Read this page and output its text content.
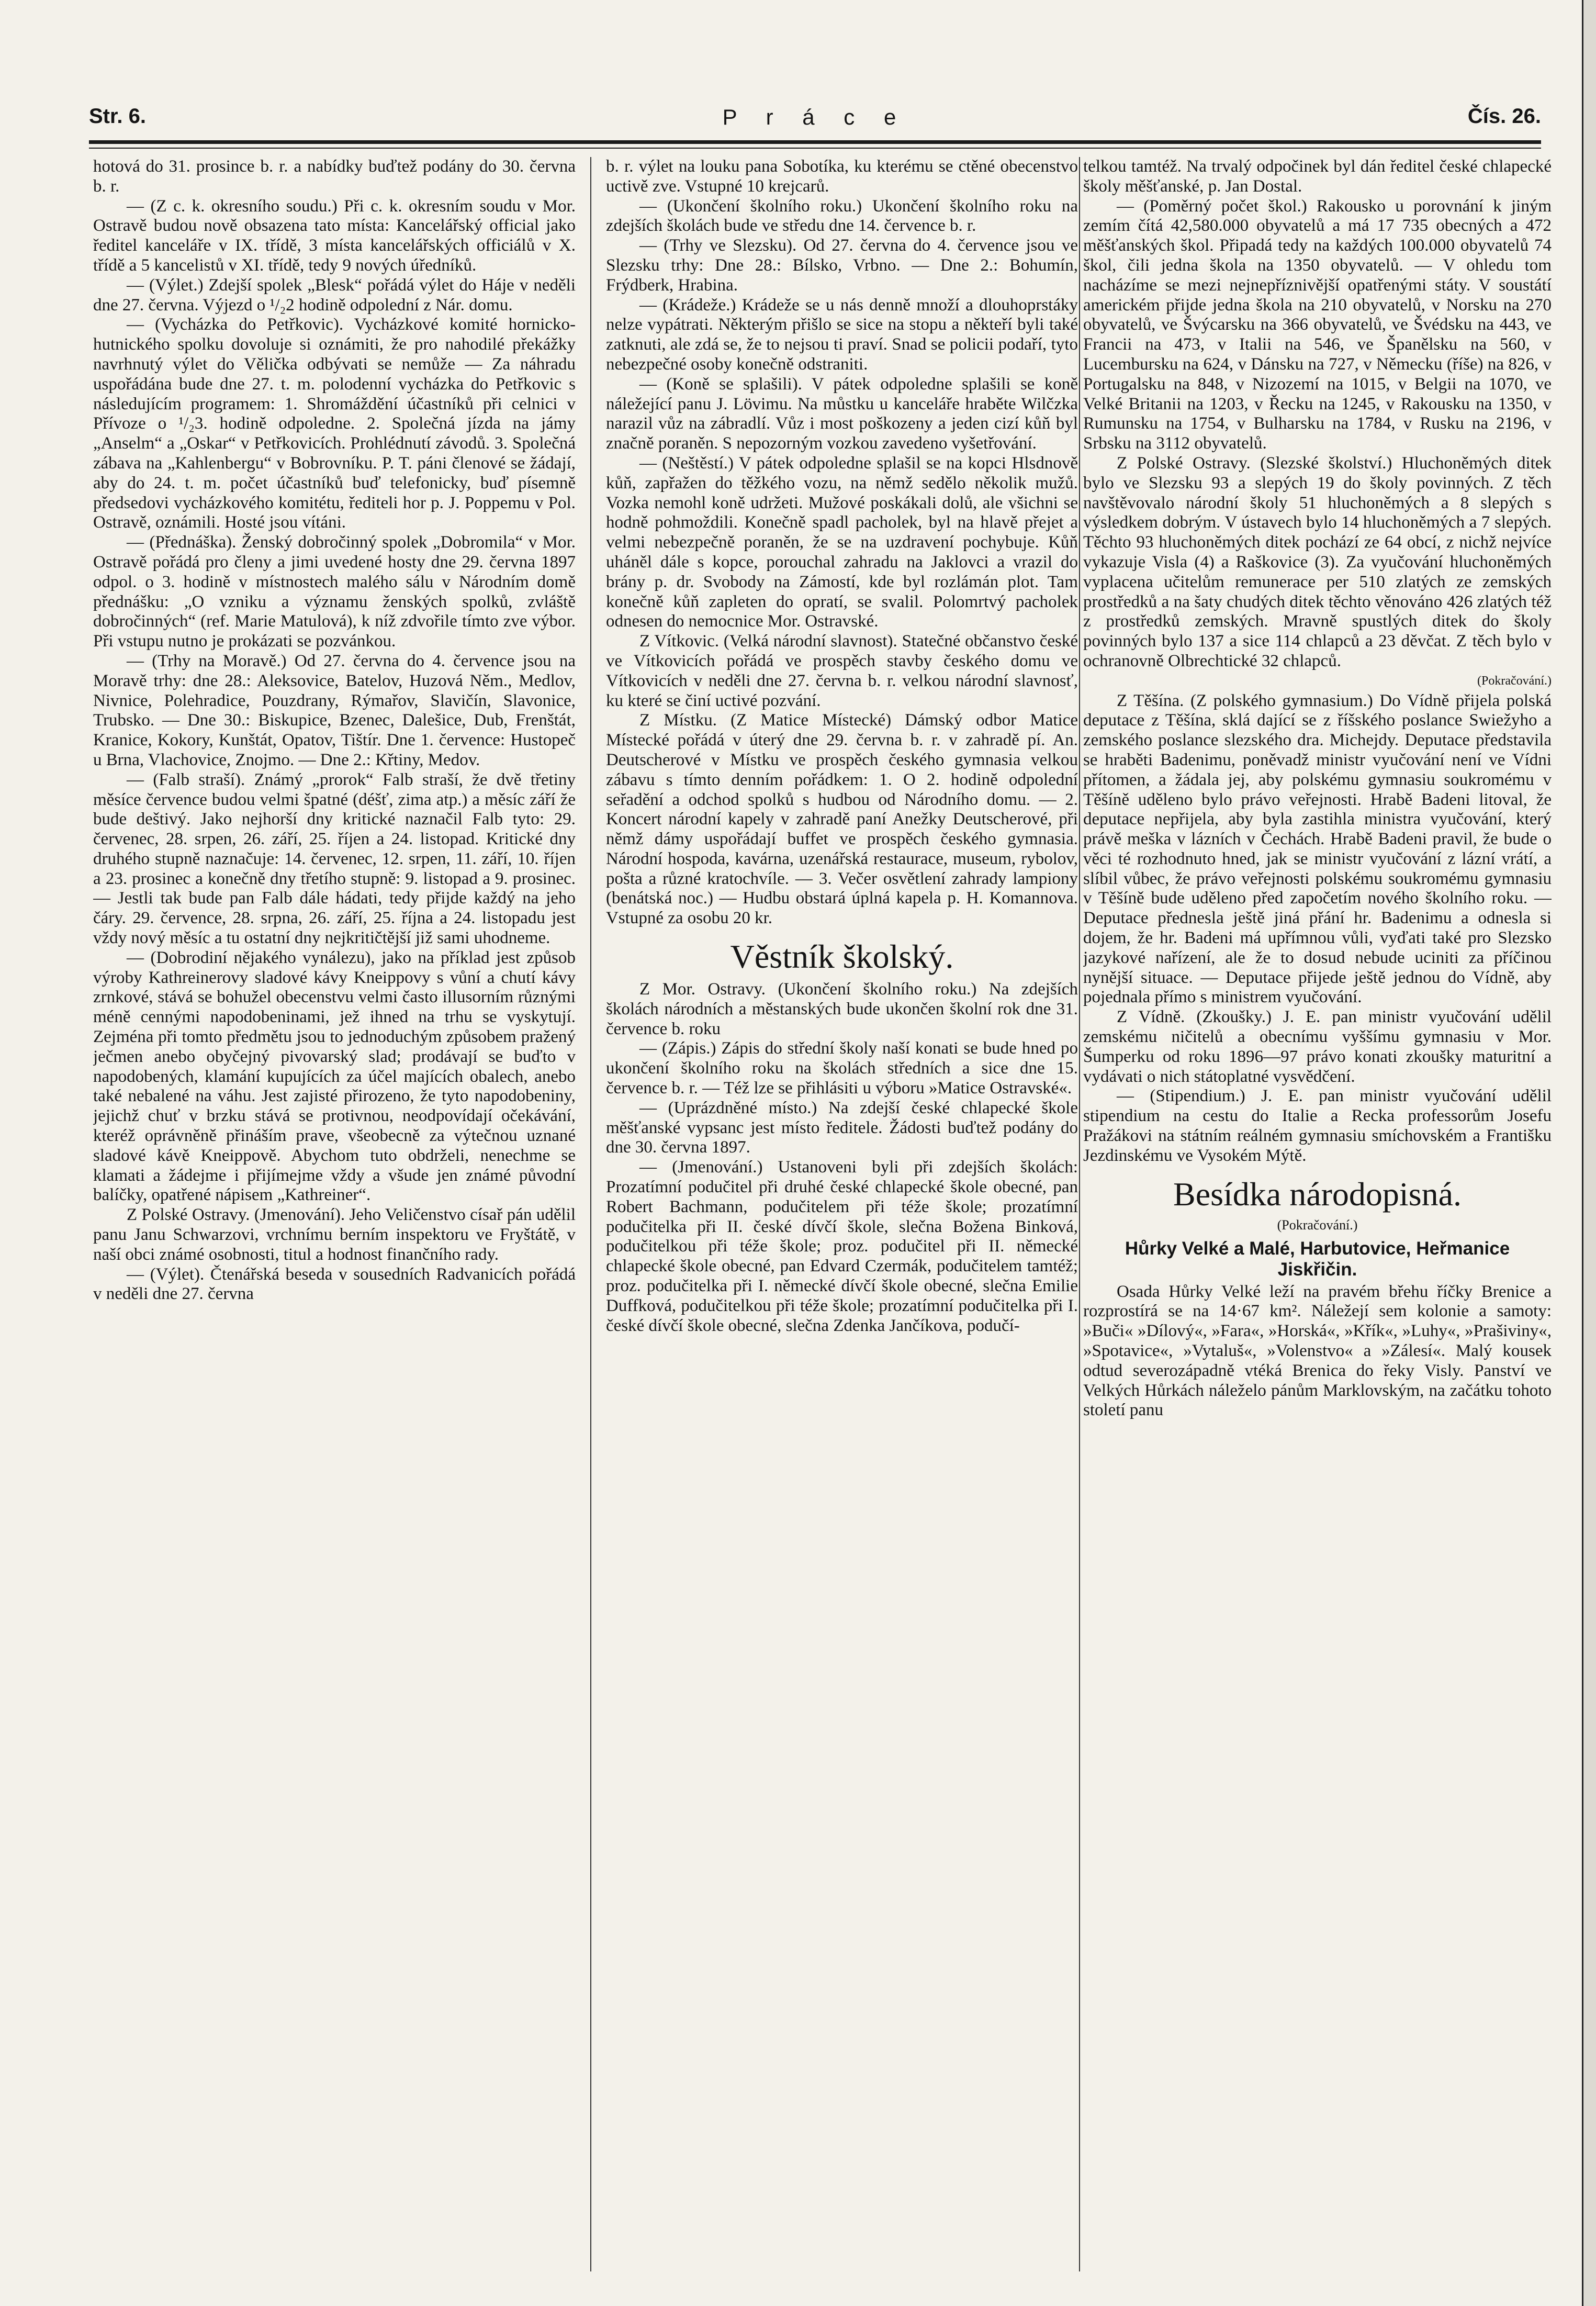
Str. 6.	P r á c e	Čís. 26.

hotová do 31. prosince b. r. a nabídky buďtež podány do 30. června b. r.

— (Z c. k. okresního soudu.) Při c. k. okresním soudu v Mor. Ostravě budou nově obsazena tato místa: Kancelářský official jako ředitel kanceláře v IX. třídě, 3 místa kancelářských officiálů v X. třídě a 5 kancelistů v XI. třídě, tedy 9 nových úředníků.

— (Výlet.) Zdejší spolek „Blesk“ pořádá výlet do Háje v neděli dne 27. června. Výjezd o ¹/₂2 hodině odpolední z Nár. domu.

— (Vycházka do Petřkovic). Vycházkové komité hornicko-hutnického spolku dovoluje si oznámiti, že pro nahodilé překážky navrhnutý výlet do Vělička odbývati se nemůže — Za náhradu uspořádána bude dne 27. t. m. polodenní vycházka do Petřkovic s následujícím programem: 1. Shromáždění účastníků při celnici v Přívoze o ¹/₂3. hodině odpoledne. 2. Společná jízda na jámy „Anselm“ a „Oskar“ v Petřkovicích. Prohlédnutí závodů. 3. Společná zábava na „Kahlenbergu“ v Bobrovníku. P. T. páni členové se žádají, aby do 24. t. m. počet účastníků buď telefonicky, buď písemně předsedovi vycházkového komitétu, řediteli hor p. J. Poppemu v Pol. Ostravě, oznámili. Hosté jsou vítáni.

— (Přednáška). Ženský dobročinný spolek „Dobromila“ v Mor. Ostravě pořádá pro členy a jimi uvedené hosty dne 29. června 1897 odpol. o 3. hodině v místnostech malého sálu v Národním domě přednášku: „O vzniku a významu ženských spolků, zvláště dobročinných“ (ref. Marie Matulová), k níž zdvořile tímto zve výbor. Při vstupu nutno je prokázati se pozvánkou.

— (Trhy na Moravě.) Od 27. června do 4. července jsou na Moravě trhy: dne 28.: Aleksovice, Batelov, Huzová Něm., Medlov, Nivnice, Polehradice, Pouzdrany, Rýmařov, Slavičín, Slavonice, Trubsko. — Dne 30.: Biskupice, Bzenec, Dalešice, Dub, Frenštát, Kranice, Kokory, Kunštát, Opatov, Tištír. Dne 1. července: Hustopeč u Brna, Vlachovice, Znojmo. — Dne 2.: Křtiny, Medov.

— (Falb straší). Známý „prorok“ Falb straší, že dvě třetiny měsíce července budou velmi špatné (déšť, zima atp.) a měsíc září že bude deštivý. Jako nejhorší dny kritické naznačil Falb tyto: 29. červenec, 28. srpen, 26. září, 25. říjen a 24. listopad. Kritické dny druhého stupně naznačuje: 14. červenec, 12. srpen, 11. září, 10. říjen a 23. prosinec a konečně dny třetího stupně: 9. listopad a 9. prosinec. — Jestli tak bude pan Falb dále hádati, tedy přijde každý na jeho čáry. 29. července, 28. srpna, 26. září, 25. října a 24. listopadu jest vždy nový měsíc a tu ostatní dny nejkritičtější již sami uhodneme.

— (Dobrodiní nějakého vynálezu), jako na příklad jest způsob výroby Kathreinerovy sladové kávy Kneippovy s vůní a chutí kávy zrnkové, stává se bohužel obecenstvu velmi často illusorním různými méně cennými napodobeninami, jež ihned na trhu se vyskytují. Zejména při tomto předmětu jsou to jednoduchým způsobem pražený ječmen anebo obyčejný pivovarský slad; prodávají se buďto v napodobených, klamání kupujících za účel majících obalech, anebo také nebalené na váhu. Jest zajisté přirozeno, že tyto napodobeniny, jejichž chuť v brzku stává se protivnou, neodpovídají očekávání, kteréž oprávněně přináším prave, všeobecně za výtečnou uznané sladové kávě Kneippově. Abychom tuto obdrželi, nenechme se klamati a žádejme i přijímejme vždy a všude jen známé původní balíčky, opatřené nápisem „Kathreiner“.

Z Polské Ostravy. (Jmenování). Jeho Veličenstvo císař pán udělil panu Janu Schwarzovi, vrchnímu berním inspektoru ve Fryštátě, v naší obci známé osobnosti, titul a hodnost finančního rady.

— (Výlet). Čtenářská beseda v sousedních Radvanicích pořádá v neděli dne 27. června

b. r. výlet na louku pana Sobotíka, ku kterému se ctěné obecenstvo uctivě zve. Vstupné 10 krejcarů.

— (Ukončení školního roku.) Ukončení školního roku na zdejších školách bude ve středu dne 14. července b. r.

— (Trhy ve Slezsku). Od 27. června do 4. července jsou ve Slezsku trhy: Dne 28.: Bílsko, Vrbno. — Dne 2.: Bohumín, Frýdberk, Hrabina.

— (Krádeže.) Krádeže se u nás denně množí a dlouhoprstáky nelze vypátrati. Některým přišlo se sice na stopu a někteří byli také zatknuti, ale zdá se, že to nejsou ti praví. Snad se policii podaří, tyto nebezpečné osoby konečně odstraniti.

— (Koně se splašili). V pátek odpoledne splašili se koně náležející panu J. Lövimu. Na můstku u kanceláře hraběte Wilčzka narazil vůz na zábradlí. Vůz i most poškozeny a jeden cizí kůň byl značně poraněn. S nepozorným vozkou zavedeno vyšetřování.

— (Neštěstí.) V pátek odpoledne splašil se na kopci Hlsdnově kůň, zapřažen do těžkého vozu, na němž sedělo několik mužů. Vozka nemohl koně udržeti. Mužové poskákali dolů, ale všichni se hodně pohmoždili. Konečně spadl pacholek, byl na hlavě přejet a velmi nebezpečně poraněn, že se na uzdravení pochybuje. Kůň uháněl dále s kopce, porouchal zahradu na Jaklovci a vrazil do brány p. dr. Svobody na Zámostí, kde byl rozlámán plot. Tam konečně kůň zapleten do opratí, se svalil. Polomrtvý pacholek odnesen do nemocnice Mor. Ostravské.

Z Vítkovic. (Velká národní slavnost). Statečné občanstvo české ve Vítkovicích pořádá ve prospěch stavby českého domu ve Vítkovicích v neděli dne 27. června b. r. velkou národní slavnosť, ku které se činí uctivé pozvání.

Z Místku. (Z Matice Místecké) Dámský odbor Matice Místecké pořádá v úterý dne 29. června b. r. v zahradě pí. An. Deutscherové v Místku ve prospěch českého gymnasia velkou zábavu s tímto denním pořádkem: 1. O 2. hodině odpolední seřadění a odchod spolků s hudbou od Národního domu. — 2. Koncert národní kapely v zahradě paní Anežky Deutscherové, při němž dámy uspořádají buffet ve prospěch českého gymnasia. Národní hospoda, kavárna, uzenářská restaurace, museum, rybolov, pošta a různé kratochvíle. — 3. Večer osvětlení zahrady lampiony (benátská noc.) — Hudbu obstará úplná kapela p. H. Komannova. Vstupné za osobu 20 kr.

Věstník školský.

Z Mor. Ostravy. (Ukončení školního roku.) Na zdejších školách národních a městanských bude ukončen školní rok dne 31. července b. roku

— (Zápis.) Zápis do střední školy naší konati se bude hned po ukončení školního roku na školách středních a sice dne 15. července b. r. — Též lze se přihlásiti u výboru »Matice Ostravské«.

— (Uprázdněné místo.) Na zdejší české chlapecké škole měšťanské vypsanc jest místo ředitele. Žádosti buďtež podány do dne 30. června 1897.

— (Jmenování.) Ustanoveni byli při zdejších školách: Prozatímní podučitel při druhé české chlapecké škole obecné, pan Robert Bachmann, podučitelem při téže škole; prozatímní podučitelka při II. české dívčí škole, slečna Božena Binková, podučitelkou při téže škole; proz. podučitel při II. německé chlapecké škole obecné, pan Edvard Czermák, podučitelem tamtéž; proz. podučitelka při I. německé dívčí škole obecné, slečna Emilie Duffková, podučitelkou při téže škole; prozatímní podučitelka při I. české dívčí škole obecné, slečna Zdenka Jančíkova, podučí-

telkou tamtéž. Na trvalý odpočinek byl dán ředitel české chlapecké školy měšťanské, p. Jan Dostal.

— (Poměrný počet škol.) Rakousko u porovnání k jiným zemím čítá 42,580.000 obyvatelů a má 17 735 obecných a 472 měšťanských škol. Připadá tedy na každých 100.000 obyvatelů 74 škol, čili jedna škola na 1350 obyvatelů. — V ohledu tom nacházíme se mezi nejnepříznivější opatřenými státy. V soustátí americkém přijde jedna škola na 210 obyvatelů, v Norsku na 270 obyvatelů, ve Švýcarsku na 366 obyvatelů, ve Švédsku na 443, ve Francii na 473, v Italii na 546, ve Španělsku na 560, v Lucembursku na 624, v Dánsku na 727, v Německu (říše) na 826, v Portugalsku na 848, v Nizozemí na 1015, v Belgii na 1070, ve Velké Britanii na 1203, v Řecku na 1245, v Rakousku na 1350, v Rumunsku na 1754, v Bulharsku na 1784, v Rusku na 2196, v Srbsku na 3112 obyvatelů.

Z Polské Ostravy. (Slezské školství.) Hluchoněmých ditek bylo ve Slezsku 93 a slepých 19 do školy povinných. Z těch navštěvovalo národní školy 51 hluchoněmých a 8 slepých s výsledkem dobrým. V ústavech bylo 14 hluchoněmých a 7 slepých. Těchto 93 hluchoněmých ditek pochází ze 64 obcí, z nichž nejvíce vykazuje Visla (4) a Raškovice (3). Za vyučování hluchoněmých vyplacena učitelům remunerace per 510 zlatých ze zemských prostředků a na šaty chudých ditek těchto věnováno 426 zlatých též z prostředků zemských. Mravně spustlých ditek do školy povinných bylo 137 a sice 114 chlapců a 23 děvčat. Z těch bylo v ochranovně Olbrechtické 32 chlapců.

(Pokračování.)

Z Těšína. (Z polského gymnasium.) Do Vídně přijela polská deputace z Těšína, sklá dající se z říšského poslance Swiežyho a zemského poslance slezského dra. Michejdy. Deputace představila se hraběti Badenimu, poněvadž ministr vyučování není ve Vídni přítomen, a žádala jej, aby polskému gymnasiu soukromému v Těšíně uděleno bylo právo veřejnosti. Hrabě Badeni litoval, že deputace nepřijela, aby byla zastihla ministra vyučování, který právě meška v lázních v Čechách. Hrabě Badeni pravil, že bude o věci té rozhodnuto hned, jak se ministr vyučování z lázní vrátí, a slíbil vůbec, že právo veřejnosti polskému soukromému gymnasiu v Těšíně bude uděleno před započetím nového školního roku. — Deputace přednesla ještě jiná přání hr. Badenimu a odnesla si dojem, že hr. Badeni má upřímnou vůli, vyďati také pro Slezsko jazykové nařízení, ale že to dosud nebude uciniti za příčinou nynější situace. — Deputace přijede ještě jednou do Vídně, aby pojednala přímo s ministrem vyučování.

Z Vídně. (Zkoušky.) J. E. pan ministr vyučování udělil zemskému ničitelů a obecnímu vyššímu gymnasiu v Mor. Šumperku od roku 1896—97 právo konati zkoušky maturitní a vydávati o nich státoplatné vysvědčení.

— (Stipendium.) J. E. pan ministr vyučování udělil stipendium na cestu do Italie a Recka professorům Josefu Pražákovi na státním reálném gymnasiu smíchovském a Františku Jezdinskému ve Vysokém Mýtě.

Besídka národopisná.
(Pokračování.)
Hůrky Velké a Malé, Harbutovice, Heřmanice Jiskřičin.

Osada Hůrky Velké leží na pravém břehu říčky Brenice a rozprostírá se na 14·67 km². Náležejí sem kolonie a samoty: »Buči« »Dílový«, »Fara«, »Horská«, »Křík«, »Luhy«, »Prašiviny«, »Spotavice«, »Vytaluš«, »Volenstvo« a »Zálesí«. Malý kousek odtud severozápadně vtéká Brenica do řeky Visly. Panství ve Velkých Hůrkách náleželo pánům Marklovským, na začátku tohoto století panu
